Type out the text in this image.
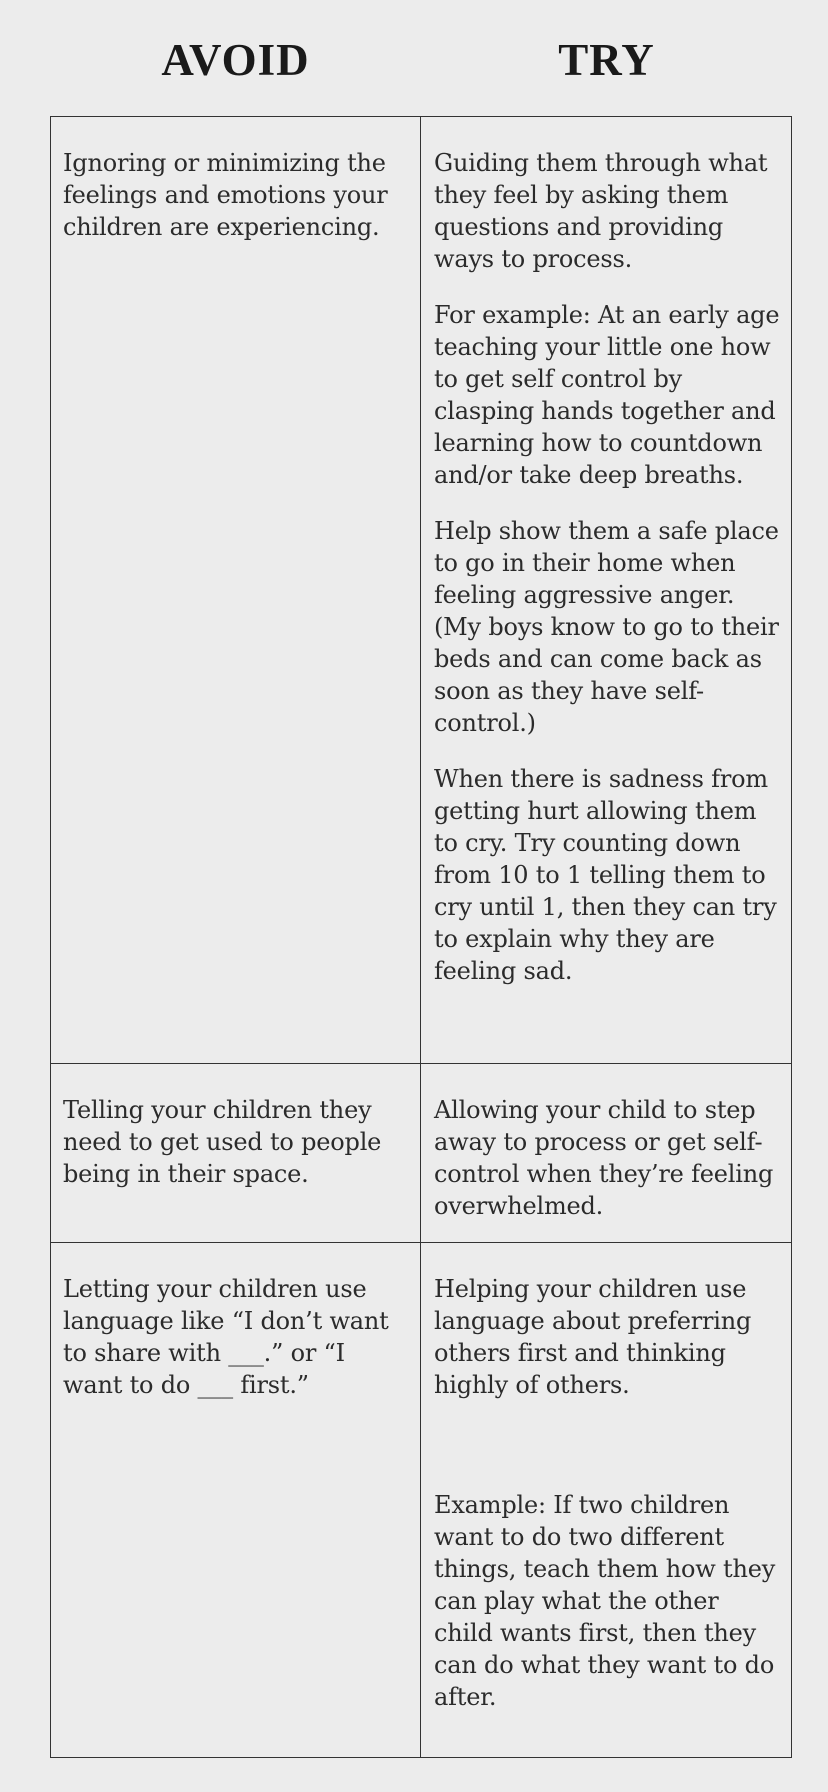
AVOID	TRY

Ignoring or minimizing the feelings and emotions your children are experiencing.

Guiding them through what they feel by asking them questions and providing ways to process.

For example: At an early age teaching your little one how to get self control by clasping hands together and learning how to countdown and/or take deep breaths.

Help show them a safe place to go in their home when feeling aggressive anger. (My boys know to go to their beds and can come back as soon as they have self-control.)

When there is sadness from getting hurt allowing them to cry. Try counting down from 10 to 1 telling them to cry until 1, then they can try to explain why they are feeling sad.

Telling your children they need to get used to people being in their space.

Allowing your child to step away to process or get self-control when they’re feeling overwhelmed.

Letting your children use language like “I don’t want to share with ___.” or “I want to do ___ first.”

Helping your children use language about preferring others first and thinking highly of others.

Example: If two children want to do two different things, teach them how they can play what the other child wants first, then they can do what they want to do after.
